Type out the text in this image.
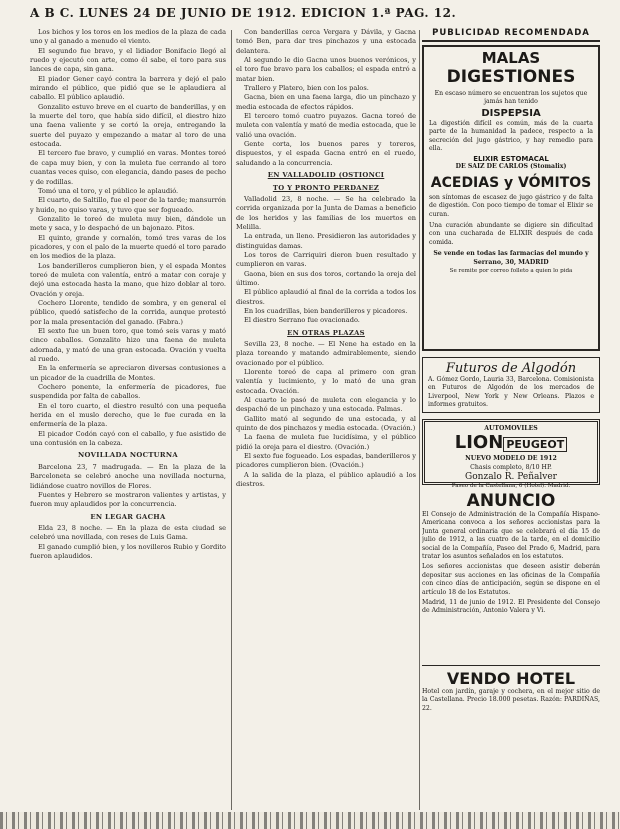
A B C. LUNES 24 DE JUNIO DE 1912. EDICION 1.ª PAG. 12.

Los bichos y los toros en los medios de la plaza de cada uno y al ganado a menudo el viento.

El segundo fue bravo, y el lidiador Bonifacio llegó al ruedo y ejecutó con arte, como él sabe, el toro para sus lances de capa, sin gana.

El piador Gener cayó contra la barrera y dejó el palo mirando el público, que pidió que se le aplaudiera al caballo. El público aplaudió.

Gonzalito estuvo breve en el cuarto de banderillas, y en la muerte del toro, que había sido difícil, el diestro hizo una faena valiente y se cortó la oreja, entregando la suerte del puyazo y empezando a matar al toro de una estocada.

El tercero fue bravo, y cumplió en varas. Montes toreó de capa muy bien, y con la muleta fue cerrando al toro cuantas veces quiso, con elegancia, dando pases de pecho y de rodillas.

Tomó una el toro, y el público le aplaudió.

El cuarto, de Saltillo, fue el peor de la tarde; mansurrón y huido, no quiso varas, y tuvo que ser fogueado.

Gonzalito le toreó de muleta muy bien, dándole un mete y saca, y lo despachó de un bajonazo. Pitos.

El quinto, grande y cornalón, tomó tres varas de los picadores, y con el palo de la muerte quedó el toro parado en los medios de la plaza.

Los banderilleros cumplieron bien, y el espada Montes toreó de muleta con valentía, entró a matar con coraje y dejó una estocada hasta la mano, que hizo doblar al toro. Ovación y oreja.

Cochero Llorente, tendido de sombra, y en general el público, quedó satisfecho de la corrida, aunque protestó por la mala presentación del ganado. (Fabra.)

El sexto fue un buen toro, que tomó seis varas y mató cinco caballos. Gonzalito hizo una faena de muleta adornada, y mató de una gran estocada. Ovación y vuelta al ruedo.

En la enfermería se apreciaron diversas contusiones a un picador de la cuadrilla de Montes.

Cochero ponente, la enfermería de picadores, fue suspendida por falta de caballos.

En el toro cuarto, el diestro resultó con una pequeña herida en el muslo derecho, que le fue curada en la enfermería de la plaza.

El picador Codón cayó con el caballo, y fue asistido de una contusión en la cabeza.

NOVILLADA NOCTURNA

Barcelona 23, 7 madrugada. — En la plaza de la Barceloneta se celebró anoche una novillada nocturna, lidiándose cuatro novillos de Flores.

Fuentes y Hebrero se mostraron valientes y artistas, y fueron muy aplaudidos por la concurrencia.

EN LEGAR GACHA

Elda 23, 8 noche. — En la plaza de esta ciudad se celebró una novillada, con reses de Luis Gama.

El ganado cumplió bien, y los novilleros Rubio y Gordito fueron aplaudidos.

Con banderillas cerca Vergara y Dávila, y Gacna tomó Ben, para dar tres pinchazos y una estocada delantera.

Al segundo le dio Gacna unos buenos verónicos, y el toro fue bravo para los caballos; el espada entró a matar bien.

Trallero y Platero, bien con los palos.

Gacna, bien en una faena larga, dio un pinchazo y media estocada de efectos rápidos.

El tercero tomó cuatro puyazos. Gacna toreó de muleta con valentía y mató de media estocada, que le valió una ovación.

Gente corta, los buenos pares y toreros, dispuestos, y el espada Gacna entró en el ruedo, saludando a la concurrencia.

EN VALLADOLID (OSTIONCI

TO Y PRONTO PERDANEZ

Valladolid 23, 8 noche. — Se ha celebrado la corrida organizada por la Junta de Damas a beneficio de los heridos y las familias de los muertos en Melilla.

La entrada, un lleno. Presidieron las autoridades y distinguidas damas.

Los toros de Carriquiri dieron buen resultado y cumplieron en varas.

Gaona, bien en sus dos toros, cortando la oreja del último.

El público aplaudió al final de la corrida a todos los diestros.

En los cuadrillas, bien banderilleros y picadores.

El diestro Serrano fue ovacionado.

EN OTRAS PLAZAS

Sevilla 23, 8 noche. — El Nene ha estado en la plaza toreando y matando admirablemente, siendo ovacionado por el público.

Llorente toreó de capa al primero con gran valentía y lucimiento, y lo mató de una gran estocada. Ovación.

Al cuarto le pasó de muleta con elegancia y lo despachó de un pinchazo y una estocada. Palmas.

Gallito mató al segundo de una estocada, y al quinto de dos pinchazos y media estocada. (Ovación.)

La faena de muleta fue lucidísima, y el público pidió la oreja para el diestro. (Ovación.)

El sexto fue fogueado. Los espadas, banderilleros y picadores cumplieron bien. (Ovación.)

A la salida de la plaza, el público aplaudió a los diestros.

PUBLICIDAD RECOMENDADA
MALAS
DIGESTIONES
En escaso número se encuentran los sujetos que jamás han tenido
DISPEPSIA
La digestión difícil es común, más de la cuarta parte de la humanidad la padece, respecto a la secreción del jugo gástrico, y hay remedio para ella.
ELIXIR ESTOMACAL
DE SAIZ DE CARLOS (Stomalix)
ACEDIAS y VÓMITOS
son síntomas de escasez de jugo gástrico y de falta de digestión. Con poco tiempo de tomar el Elixir se curan.
Una curación abundante se digiere sin dificultad con una cucharada de ELIXIR después de cada comida.
Se vende en todas las farmacias del mundo y Serrano, 30, MADRID
Se remite por correo folleto a quien lo pida
Futuros de Algodón
A. Gómez Gordo, Lauria 33, Barcelona. Comisionista en Futuros de Algodón de los mercados de Liverpool, New York y New Orleans. Plazos e informes gratuitos.
AUTOMOVILES
LION PEUGEOT
NUEVO MODELO DE 1912
Chasis completo, 8/10 HP.
Gonzalo R. Peñalver
Paseo de la Castellana, 6 (Hotel). Madrid.
ANUNCIO
El Consejo de Administración de la Compañía Hispano-Americana convoca a los señores accionistas para la Junta general ordinaria que se celebrará el día 15 de julio de 1912, a las cuatro de la tarde, en el domicilio social de la Compañía, Paseo del Prado 6, Madrid, para tratar los asuntos señalados en los estatutos.
Los señores accionistas que deseen asistir deberán depositar sus acciones en las oficinas de la Compañía con cinco días de anticipación, según se dispone en el artículo 18 de los Estatutos.
Madrid, 11 de junio de 1912. El Presidente del Consejo de Administración, Antonio Valera y Vi.
VENDO HOTEL
Hotel con jardín, garaje y cochera, en el mejor sitio de la Castellana. Precio 18.000 pesetas. Razón: PARDIÑAS, 22.
